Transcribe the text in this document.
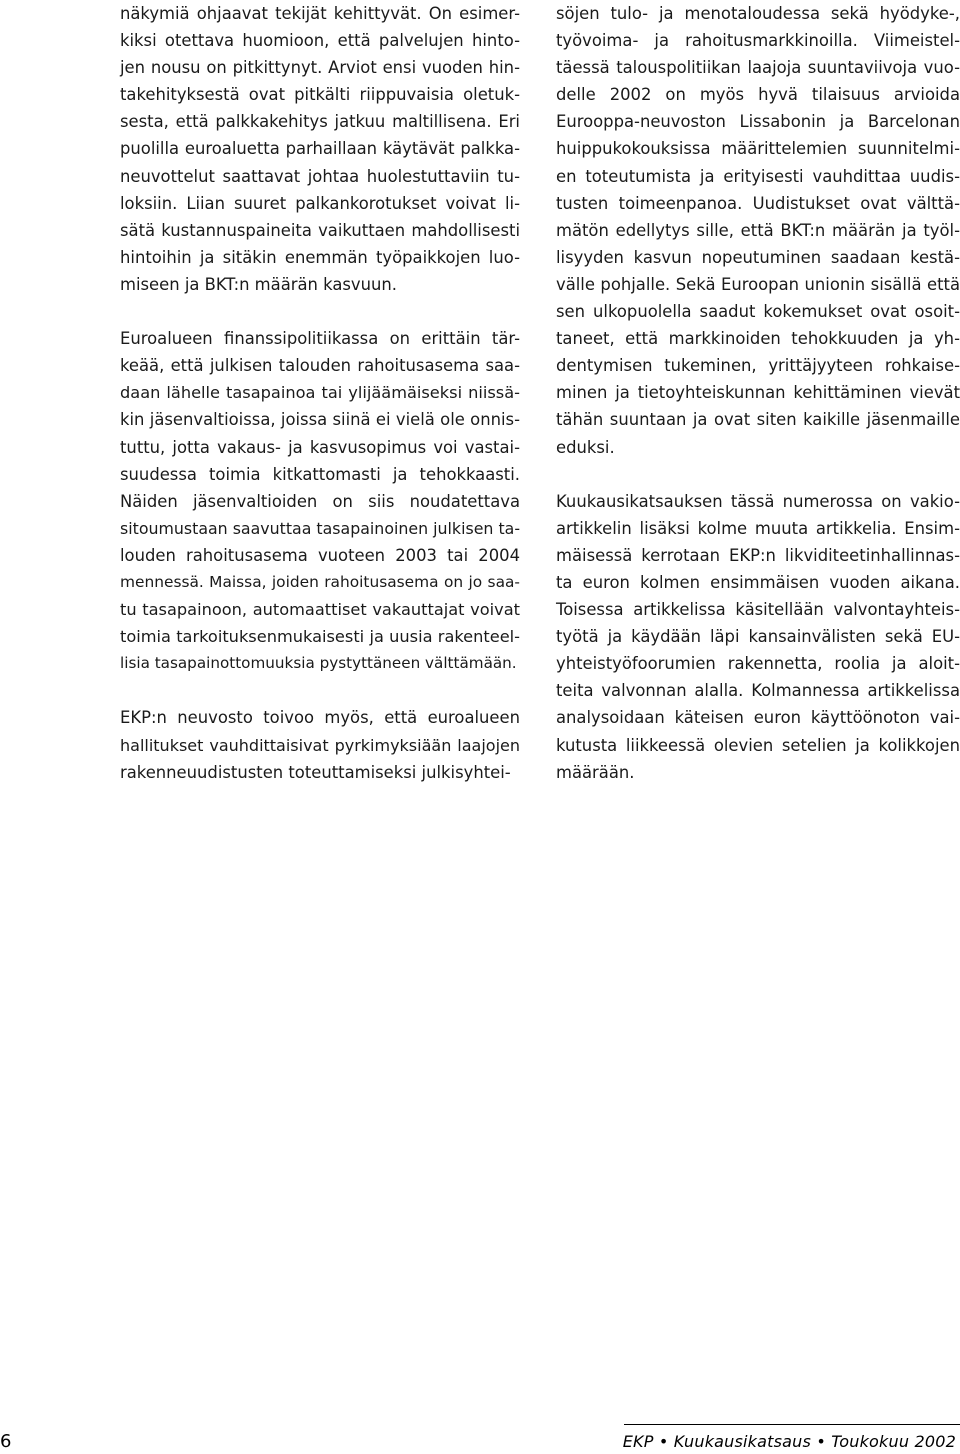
näkymiä ohjaavat tekijät kehittyvät. On esimer-
kiksi otettava huomioon, että palvelujen hinto-
jen nousu on pitkittynyt. Arviot ensi vuoden hin-
takehityksestä ovat pitkälti riippuvaisia oletuk-
sesta, että palkkakehitys jatkuu maltillisena. Eri
puolilla euroaluetta parhaillaan käytävät palkka-
neuvottelut saattavat johtaa huolestuttaviin tu-
loksiin. Liian suuret palkankorotukset voivat li-
sätä kustannuspaineita vaikuttaen mahdollisesti
hintoihin ja sitäkin enemmän työpaikkojen luo-
miseen ja BKT:n määrän kasvuun.
Euroalueen finanssipolitiikassa on erittäin tär-
keää, että julkisen talouden rahoitusasema saa-
daan lähelle tasapainoa tai ylijäämäiseksi niissä-
kin jäsenvaltioissa, joissa siinä ei vielä ole onnis-
tuttu, jotta vakaus- ja kasvusopimus voi vastai-
suudessa toimia kitkattomasti ja tehokkaasti.
Näiden jäsenvaltioiden on siis noudatettava
sitoumustaan saavuttaa tasapainoinen julkisen ta-
louden rahoitusasema vuoteen 2003 tai 2004
mennessä. Maissa, joiden rahoitusasema on jo saa-
tu tasapainoon, automaattiset vakauttajat voivat
toimia tarkoituksenmukaisesti ja uusia rakenteel-
lisia tasapainottomuuksia pystyttäneen välttämään.
EKP:n neuvosto toivoo myös, että euroalueen
hallitukset vauhdittaisivat pyrkimyksiään laajojen
rakenneuudistusten toteuttamiseksi julkisyhtei-
söjen tulo- ja menotaloudessa sekä hyödyke-,
työvoima- ja rahoitusmarkkinoilla. Viimeistel-
täessä talouspolitiikan laajoja suuntaviivoja vuo-
delle 2002 on myös hyvä tilaisuus arvioida
Eurooppa-neuvoston Lissabonin ja Barcelonan
huippukokouksissa määrittelemien suunnitelmi-
en toteutumista ja erityisesti vauhdittaa uudis-
tusten toimeenpanoa. Uudistukset ovat välttä-
mätön edellytys sille, että BKT:n määrän ja työl-
lisyyden kasvun nopeutuminen saadaan kestä-
välle pohjalle. Sekä Euroopan unionin sisällä että
sen ulkopuolella saadut kokemukset ovat osoit-
taneet, että markkinoiden tehokkuuden ja yh-
dentymisen tukeminen, yrittäjyyteen rohkaise-
minen ja tietoyhteiskunnan kehittäminen vievät
tähän suuntaan ja ovat siten kaikille jäsenmaille
eduksi.
Kuukausikatsauksen tässä numerossa on vakio-
artikkelin lisäksi kolme muuta artikkelia. Ensim-
mäisessä kerrotaan EKP:n likviditeetinhallinnas-
ta euron kolmen ensimmäisen vuoden aikana.
Toisessa artikkelissa käsitellään valvontayhteis-
työtä ja käydään läpi kansainvälisten sekä EU-
yhteistyöfoorumien rakennetta, roolia ja aloit-
teita valvonnan alalla. Kolmannessa artikkelissa
analysoidaan käteisen euron käyttöönoton vai-
kutusta liikkeessä olevien setelien ja kolikkojen
määrään.
6	EKP • Kuukausikatsaus • Toukokuu 2002
